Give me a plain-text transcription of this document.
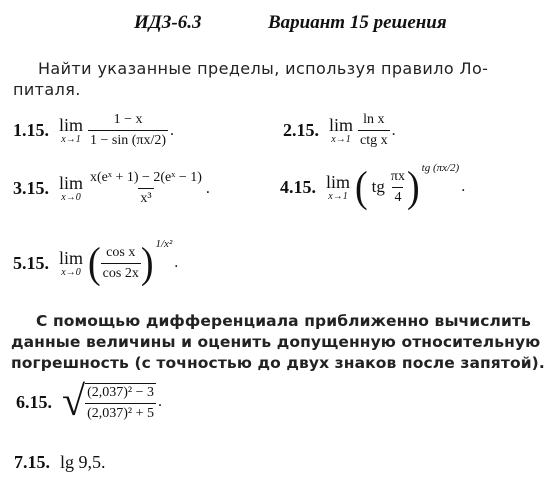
ИДЗ-6.3	Вариант 15 решения
Найти указанные пределы, используя правило Ло-
питаля.
1.15. lim
$x\to 1 \frac{1 - x}{1 - \sin (\pi x/2)}$ .	2.15. lim
$x\to 1 \frac{\text{ln x}}{\text{ctg x}}$ .
3.15. lim
$x\to 0 \frac{\text{x(eˣ + 1) − 2(eˣ − 1)}}{\text{x³}}$ .	4.15. lim
x→1 ( tg $\frac{\pi x}{4}$ ) tg (πx/2)
.
5.15. lim
x→0 ( $\frac{\text{cos x}}{\cos 2x}$ ) 1/x²
.
С помощью дифференциала приближенно вычислить
данные величины и оценить допущенную относительную
погрешность (с точностью до двух знаков после запятой).
6.15. √ $\frac{\text{(2,037)² − 3}}{\text{(2,037)² + 5}}$ .
7.15. lg 9,5.
